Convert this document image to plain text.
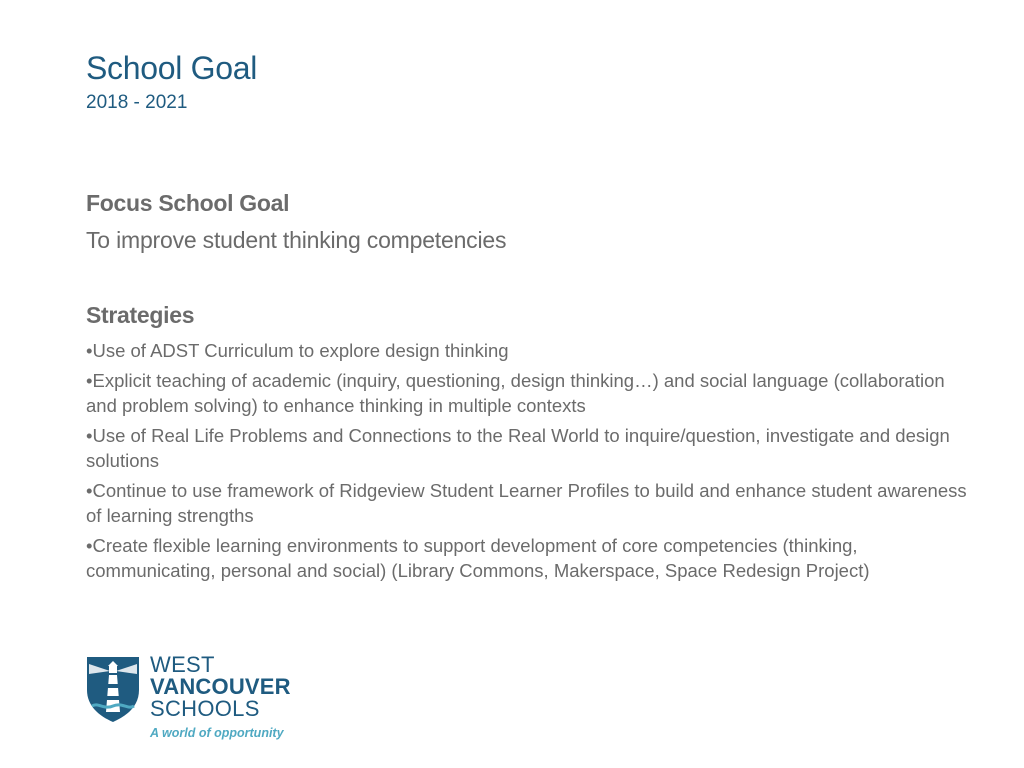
School Goal
2018 - 2021
Focus School Goal
To improve student thinking competencies
Strategies
•Use of ADST Curriculum to explore design thinking
•Explicit teaching of academic (inquiry, questioning, design thinking…) and social language (collaboration and problem solving) to enhance thinking in multiple contexts
•Use of Real Life Problems and Connections to the Real World to inquire/question, investigate and design solutions
•Continue to use framework of Ridgeview Student Learner Profiles to build and enhance student awareness of learning strengths
•Create flexible learning environments to support development of core competencies (thinking, communicating, personal and social) (Library Commons, Makerspace, Space Redesign Project)
WEST
VANCOUVER
SCHOOLS
A world of opportunity
